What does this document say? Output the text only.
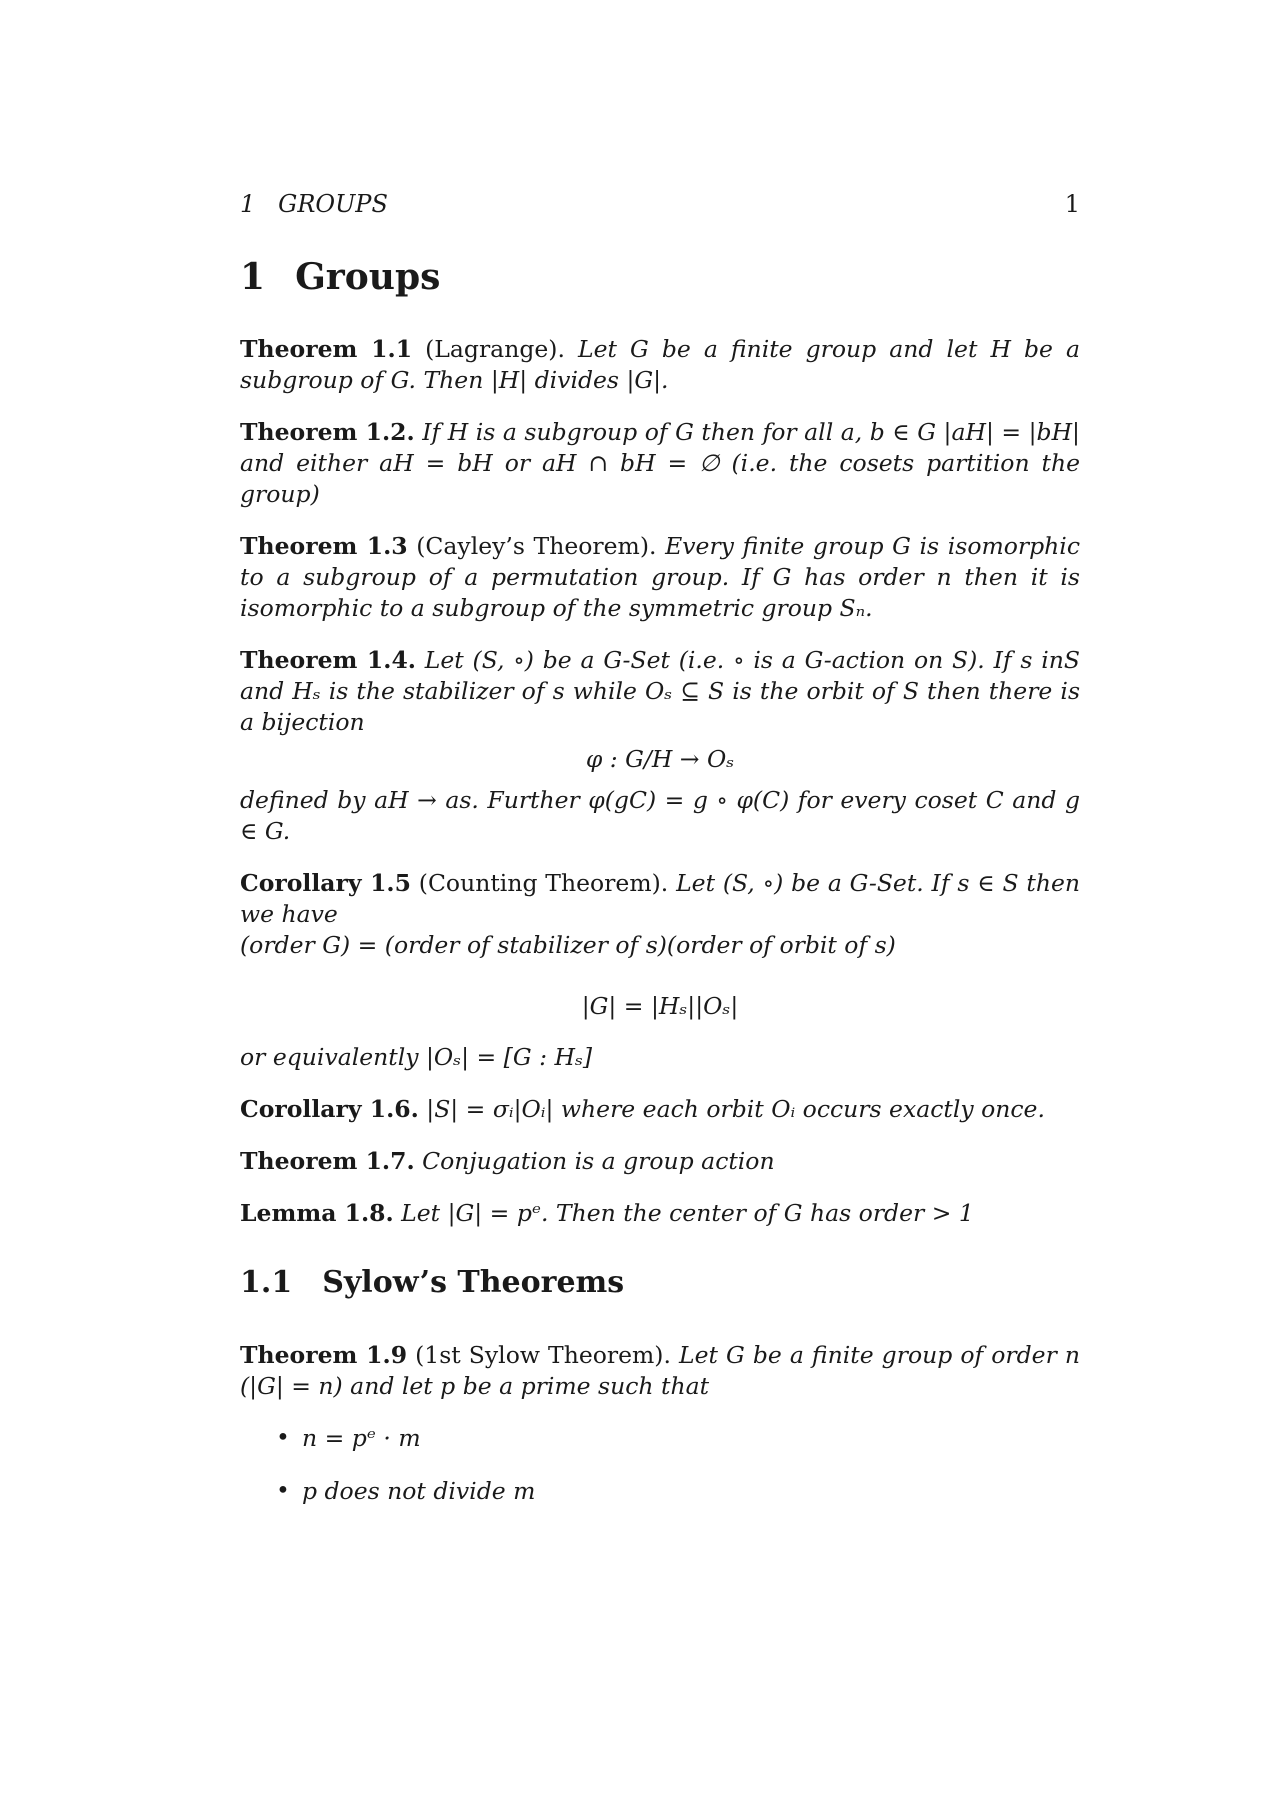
1   GROUPS	1
1 Groups

Theorem 1.1 (Lagrange). Let G be a finite group and let H be a subgroup of G. Then |H| divides |G|.

Theorem 1.2. If H is a subgroup of G then for all a, b ∈ G |aH| = |bH| and either aH = bH or aH ∩ bH = ∅ (i.e. the cosets partition the group)

Theorem 1.3 (Cayley’s Theorem). Every finite group G is isomorphic to a subgroup of a permutation group. If G has order n then it is isomorphic to a subgroup of the symmetric group Sₙ.

Theorem 1.4. Let (S, ∘) be a G-Set (i.e. ∘ is a G-action on S). If s inS and Hₛ is the stabilizer of s while Oₛ ⊆ S is the orbit of S then there is a bijection
φ : G/H → Oₛ
defined by aH → as. Further φ(gC) = g ∘ φ(C) for every coset C and g ∈ G.
Corollary 1.5 (Counting Theorem). Let (S, ∘) be a G-Set. If s ∈ S then we have
(order G) = (order of stabilizer of s)(order of orbit of s)
|G| = |Hₛ||Oₛ|
or equivalently |Oₛ| = [G : Hₛ]

Corollary 1.6. |S| = σᵢ|Oᵢ| where each orbit Oᵢ occurs exactly once.

Theorem 1.7. Conjugation is a group action

Lemma 1.8. Let |G| = pᵉ. Then the center of G has order > 1

1.1 Sylow’s Theorems

Theorem 1.9 (1st Sylow Theorem). Let G be a finite group of order n (|G| = n) and let p be a prime such that

• n = pᵉ · m
• p does not divide m
